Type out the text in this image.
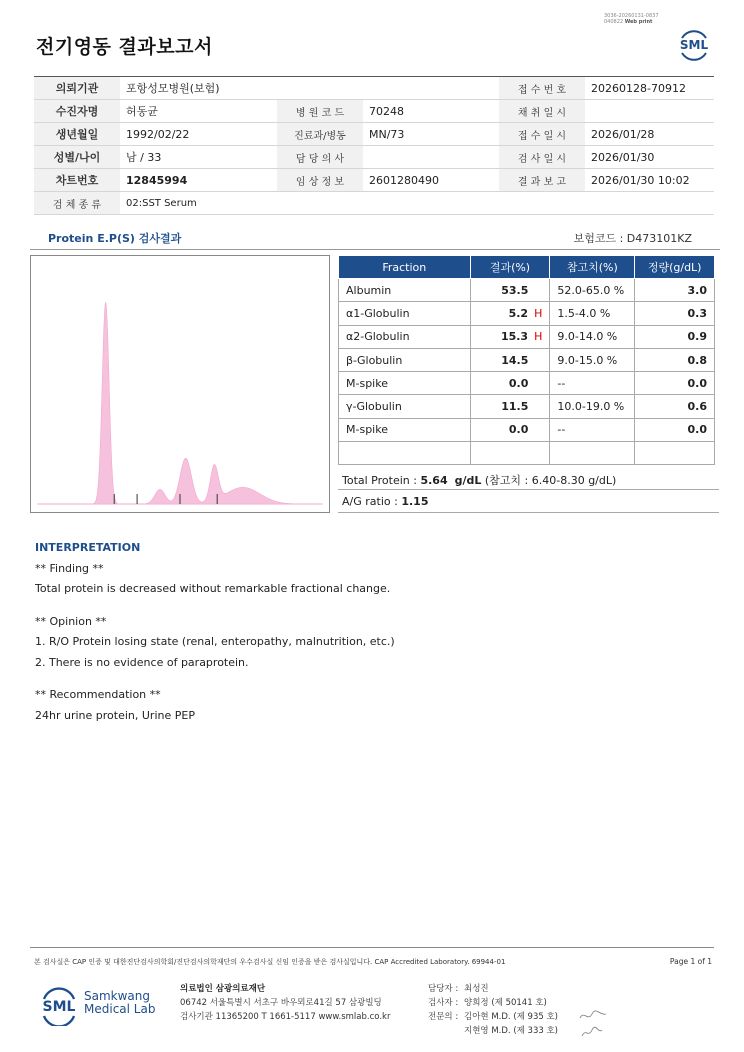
3036-20260131-0837
040822 Web print
전기영동 결과보고서	SML
의뢰기관	포항성모병원(보험)			접 수 번 호	20260128-70912
수진자명	허동균	병 원 코 드	70248	채 취 일 시	
생년월일	1992/02/22	진료과/병동	MN/73	접 수 일 시	2026/01/28
성별/나이	남 / 33	담 당 의 사		검 사 일 시	2026/01/30
차트번호	12845994	임 상 정 보	2601280490	결 과 보 고	2026/01/30 10:02
검 체 종 류	02:SST Serum				
Protein E.P(S) 검사결과	보험코드 : D473101KZ
Fraction	결과(%)	참고치(%)	정량(g/dL)
Albumin	53.5	52.0-65.0 %	3.0
α1-Globulin	5.2 H	1.5-4.0 %	0.3
α2-Globulin	15.3 H	9.0-14.0 %	0.9
β-Globulin	14.5	9.0-15.0 %	0.8
M-spike	0.0	--	0.0
γ-Globulin	11.5	10.0-19.0 %	0.6
M-spike	0.0	--	0.0

Total Protein : 5.64 g/dL (참고치 : 6.40-8.30 g/dL)
A/G ratio : 1.15
INTERPRETATION
** Finding **
Total protein is decreased without remarkable fractional change.
** Opinion **
1. R/O Protein losing state (renal, enteropathy, malnutrition, etc.)
2. There is no evidence of paraprotein.
** Recommendation **
24hr urine protein, Urine PEP
본 검사실은 CAP 인증 및 대한진단검사의학회/진단검사의학재단의 우수검사실 신임 인증을 받은 검사실입니다. CAP Accredited Laboratory. 69944-01	Page 1 of 1
SML
Samkwang
Medical Lab
의료법인 삼광의료재단
06742 서울특별시 서초구 바우뫼로41길 57 삼광빌딩
검사기관 11365200 T 1661-5117 www.smlab.co.kr
담당자 : 최성진
검사자 : 양희정 (제 50141 호)
전문의 : 김아현 M.D. (제 935 호)
지현영 M.D. (제 333 호)
